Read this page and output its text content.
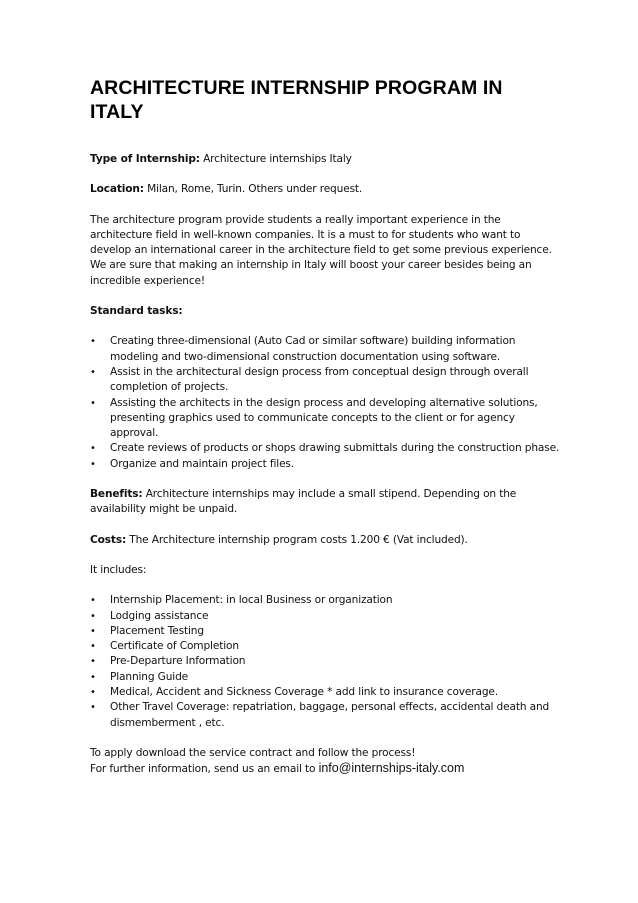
ARCHITECTURE INTERNSHIP PROGRAM IN ITALY

Type of Internship: Architecture internships Italy

Location: Milan, Rome, Turin. Others under request.

The architecture program provide students a really important experience in the architecture field in well-known companies. It is a must to for students who want to develop an international career in the architecture field to get some previous experience. We are sure that making an internship in Italy will boost your career besides being an incredible experience!

Standard tasks:

• Creating three-dimensional (Auto Cad or similar software) building information modeling and two-dimensional construction documentation using software.
• Assist in the architectural design process from conceptual design through overall completion of projects.
• Assisting the architects in the design process and developing alternative solutions, presenting graphics used to communicate concepts to the client or for agency approval.
• Create reviews of products or shops drawing submittals during the construction phase.
• Organize and maintain project files.

Benefits: Architecture internships may include a small stipend. Depending on the availability might be unpaid.

Costs: The Architecture internship program costs 1.200 € (Vat included).

It includes:

• Internship Placement: in local Business or organization
• Lodging assistance
• Placement Testing
• Certificate of Completion
• Pre-Departure Information
• Planning Guide
• Medical, Accident and Sickness Coverage * add link to insurance coverage.
• Other Travel Coverage: repatriation, baggage, personal effects, accidental death and dismemberment , etc.

To apply download the service contract and follow the process!

For further information, send us an email to info@internships-italy.com
